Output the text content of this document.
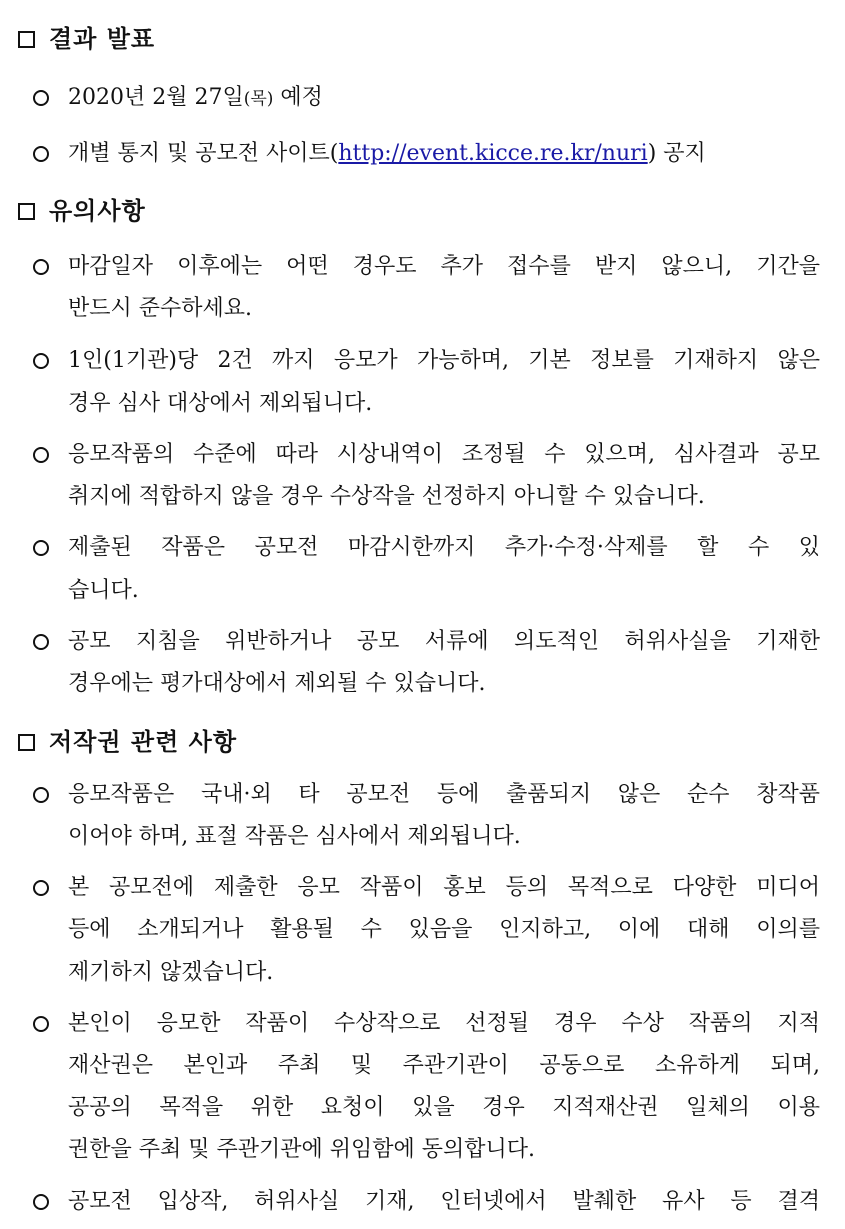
결과 발표
2020년 2월 27일(목) 예정
개별 통지 및 공모전 사이트(http://event.kicce.re.kr/nuri) 공지
유의사항
마감일자 이후에는 어떤 경우도 추가 접수를 받지 않으니, 기간을
반드시 준수하세요.
1인(1기관)당 2건 까지 응모가 가능하며, 기본 정보를 기재하지 않은
경우 심사 대상에서 제외됩니다.
응모작품의 수준에 따라 시상내역이 조정될 수 있으며, 심사결과 공모
취지에 적합하지 않을 경우 수상작을 선정하지 아니할 수 있습니다.
제출된 작품은 공모전 마감시한까지 추가·수정·삭제를 할 수 있
습니다.
공모 지침을 위반하거나 공모 서류에 의도적인 허위사실을 기재한
경우에는 평가대상에서 제외될 수 있습니다.
저작권 관련 사항
응모작품은 국내·외 타 공모전 등에 출품되지 않은 순수 창작품
이어야 하며, 표절 작품은 심사에서 제외됩니다.
본 공모전에 제출한 응모 작품이 홍보 등의 목적으로 다양한 미디어
등에 소개되거나 활용될 수 있음을 인지하고, 이에 대해 이의를
제기하지 않겠습니다.
본인이 응모한 작품이 수상작으로 선정될 경우 수상 작품의 지적
재산권은 본인과 주최 및 주관기관이 공동으로 소유하게 되며,
공공의 목적을 위한 요청이 있을 경우 지적재산권 일체의 이용
권한을 주최 및 주관기관에 위임함에 동의합니다.
공모전 입상작, 허위사실 기재, 인터넷에서 발췌한 유사 등 결격
